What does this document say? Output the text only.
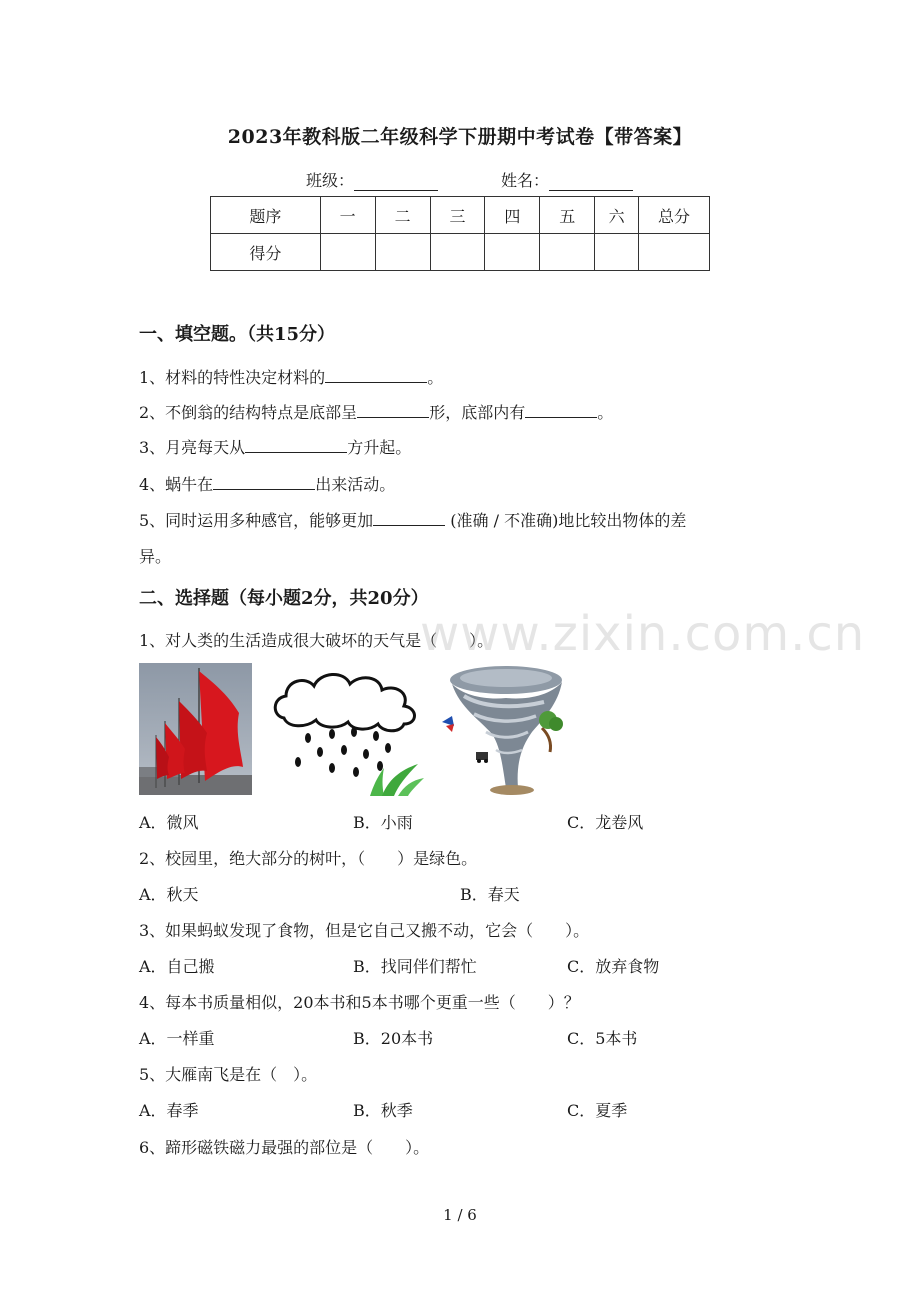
2023年教科版二年级科学下册期中考试卷【带答案】
班级：	姓名：
题序	一	二	三	四	五	六	总分
得分							
一、填空题。（共15分）
1、材料的特性决定材料的	。
2、不倒翁的结构特点是底部呈	形，底部内有	。
3、月亮每天从	方升起。
4、蜗牛在	出来活动。
5、同时运用多种感官，能够更加	(准确 / 不准确)地比较出物体的差
异。
二、选择题（每小题2分，共20分）
1、对人类的生活造成很大破坏的天气是（　　）。
A．微风	B．小雨	C．龙卷风
2、校园里，绝大部分的树叶，（　　）是绿色。
A．秋天	B．春天
3、如果蚂蚁发现了食物，但是它自己又搬不动，它会（　　）。
A．自己搬	B．找同伴们帮忙	C．放弃食物
4、每本书质量相似，20本书和5本书哪个更重一些（　　）？
A．一样重	B．20本书	C．5本书
5、大雁南飞是在（　）。
A．春季	B．秋季	C．夏季
6、蹄形磁铁磁力最强的部位是（　　）。
www.zixin.com.cn
1 / 6
